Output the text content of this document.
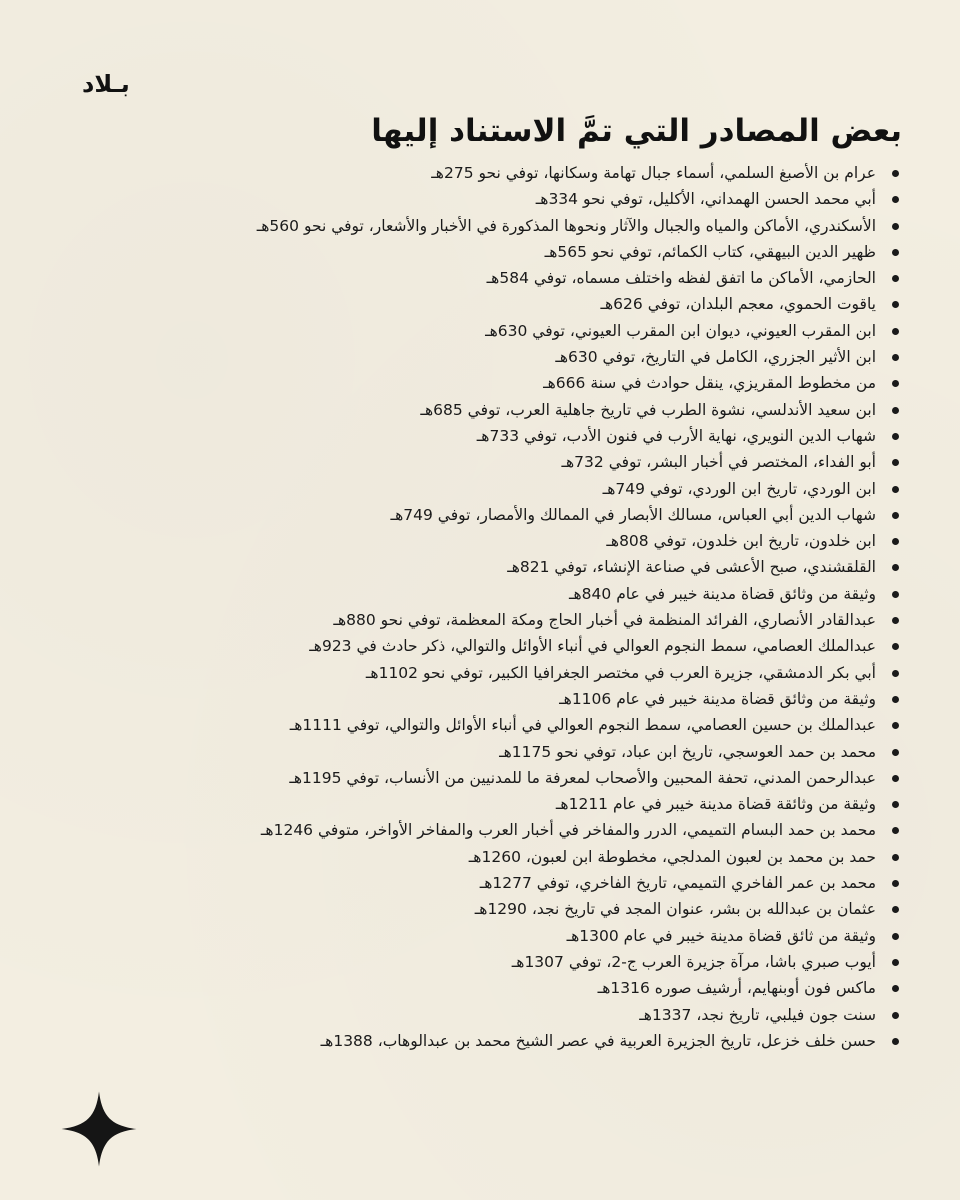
بـلاد
بعض المصادر التي تمَّ الاستناد إليها
عرام بن الأصبغ السلمي، أسماء جبال تهامة وسكانها، توفي نحو 275هـ
أبي محمد الحسن الهمداني، الأكليل، توفي نحو 334هـ
الأسكندري، الأماكن والمياه والجبال والآثار ونحوها المذكورة في الأخبار والأشعار، توفي نحو 560هـ
ظهير الدين البيهقي، كتاب الكمائم، توفي نحو 565هـ
الحازمي، الأماكن ما اتفق لفظه واختلف مسماه، توفي 584هـ
ياقوت الحموي، معجم البلدان، توفي 626هـ
ابن المقرب العيوني، ديوان ابن المقرب العيوني، توفي 630هـ
ابن الأثير الجزري، الكامل في التاريخ، توفي 630هـ
من مخطوط المقريزي، ينقل حوادث في سنة 666هـ
ابن سعيد الأندلسي، نشوة الطرب في تاريخ جاهلية العرب، توفي 685هـ
شهاب الدين النويري، نهاية الأرب في فنون الأدب، توفي 733هـ
أبو الفداء، المختصر في أخبار البشر، توفي 732هـ
ابن الوردي، تاريخ ابن الوردي، توفي 749هـ
شهاب الدين أبي العباس، مسالك الأبصار في الممالك والأمصار، توفي 749هـ
ابن خلدون، تاريخ ابن خلدون، توفي 808هـ
القلقشندي، صبح الأعشى في صناعة الإنشاء، توفي 821هـ
وثيقة من وثائق قضاة مدينة خيبر في عام 840هـ
عبدالقادر الأنصاري، الفرائد المنظمة في أخبار الحاج ومكة المعظمة، توفي نحو 880هـ
عبدالملك العصامي، سمط النجوم العوالي في أنباء الأوائل والتوالي، ذكر حادث في 923هـ
أبي بكر الدمشقي، جزيرة العرب في مختصر الجغرافيا الكبير، توفي نحو 1102هـ
وثيقة من وثائق قضاة مدينة خيبر في عام 1106هـ
عبدالملك بن حسين العصامي، سمط النجوم العوالي في أنباء الأوائل والتوالي، توفي 1111هـ
محمد بن حمد العوسجي، تاريخ ابن عباد، توفي نحو 1175هـ
عبدالرحمن المدني، تحفة المحبين والأصحاب لمعرفة ما للمدنيين من الأنساب، توفي 1195هـ
وثيقة من وثائقة قضاة مدينة خيبر في عام 1211هـ
محمد بن حمد البسام التميمي، الدرر والمفاخر في أخبار العرب والمفاخر الأواخر، متوفي 1246هـ
حمد بن محمد بن لعبون المدلجي، مخطوطة ابن لعبون، 1260هـ
محمد بن عمر الفاخري التميمي، تاريخ الفاخري، توفي 1277هـ
عثمان بن عبدالله بن بشر، عنوان المجد في تاريخ نجد، 1290هـ
وثيقة من ثائق قضاة مدينة خيبر في عام 1300هـ
أيوب صبري باشا، مرآة جزيرة العرب ج-2، توفي 1307هـ
ماكس فون أوبنهايم، أرشيف صوره 1316هـ
سنت جون فيلبي، تاريخ نجد، 1337هـ
حسن خلف خزعل، تاريخ الجزيرة العربية في عصر الشيخ محمد بن عبدالوهاب، 1388هـ
